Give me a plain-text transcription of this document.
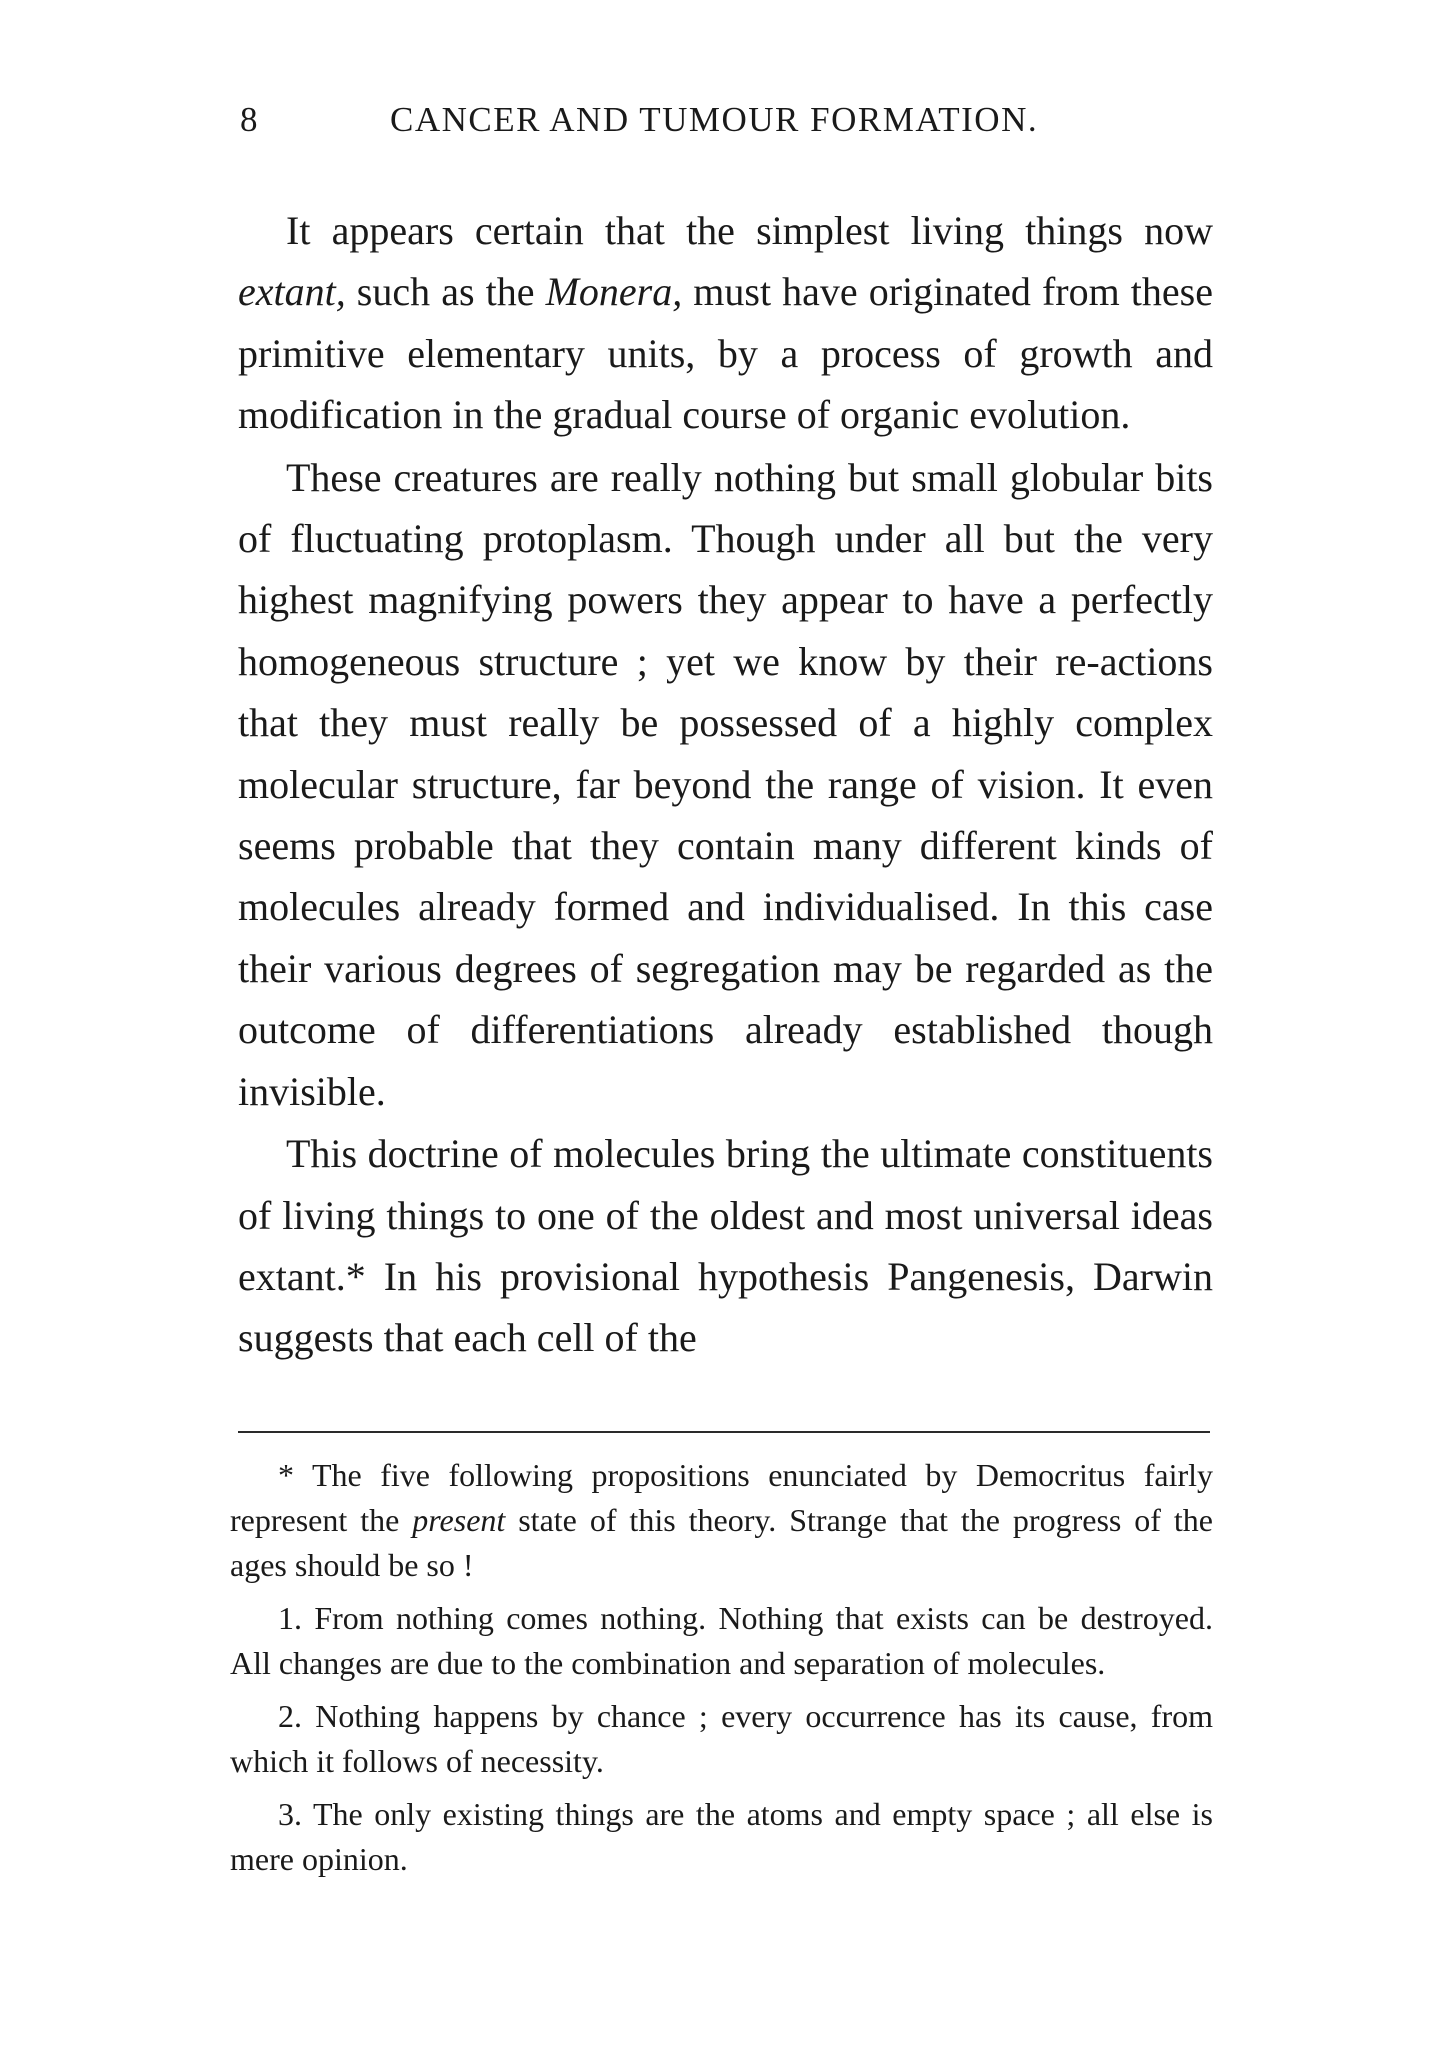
8	CANCER AND TUMOUR FORMATION.

It appears certain that the simplest living things now extant, such as the Monera, must have originated from these primitive elementary units, by a process of growth and modification in the gradual course of organic evolution.

These creatures are really nothing but small globular bits of fluctuating protoplasm. Though under all but the very highest magnifying powers they appear to have a perfectly homogeneous structure ; yet we know by their re-actions that they must really be possessed of a highly complex molecular structure, far beyond the range of vision. It even seems probable that they contain many different kinds of molecules already formed and individualised. In this case their various degrees of segregation may be regarded as the outcome of differentiations already established though invisible.

This doctrine of molecules bring the ultimate constituents of living things to one of the oldest and most universal ideas extant.* In his provisional hypothesis Pangenesis, Darwin suggests that each cell of the

* The five following propositions enunciated by Democritus fairly represent the present state of this theory. Strange that the progress of the ages should be so !

1. From nothing comes nothing. Nothing that exists can be destroyed. All changes are due to the combination and separation of molecules.

2. Nothing happens by chance ; every occurrence has its cause, from which it follows of necessity.

3. The only existing things are the atoms and empty space ; all else is mere opinion.
